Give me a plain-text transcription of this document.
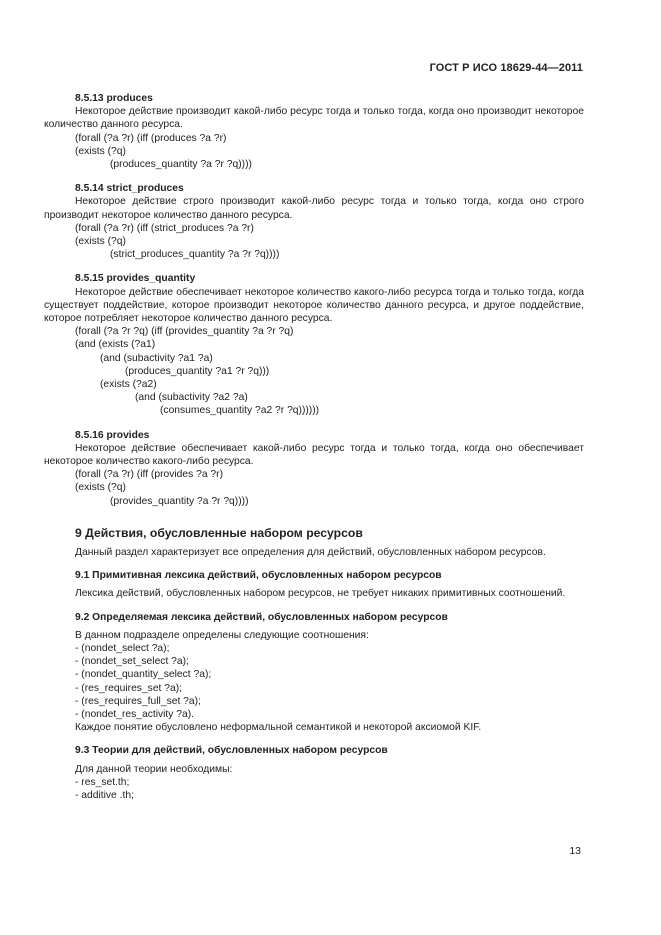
ГОСТ Р ИСО 18629-44—2011
8.5.13 produces
Некоторое действие производит какой-либо ресурс тогда и только тогда, когда оно производит некоторое количество данного ресурса.
(forall (?a ?r) (iff (produces ?a ?r)
(exists (?q)
(produces_quantity ?a ?r ?q))))
8.5.14 strict_produces
Некоторое действие строго производит какой-либо ресурс тогда и только тогда, когда оно строго производит некоторое количество данного ресурса.
(forall (?a ?r) (iff (strict_produces ?a ?r)
(exists (?q)
(strict_produces_quantity ?a ?r ?q))))
8.5.15 provides_quantity
Некоторое действие обеспечивает некоторое количество какого-либо ресурса тогда и только тогда, когда существует поддействие, которое производит некоторое количество данного ресурса, и другое поддействие, которое потребляет некоторое количество данного ресурса.
(forall (?a ?r ?q) (iff (provides_quantity ?a ?r ?q)
(and (exists (?a1)
(and (subactivity ?a1 ?a)
(produces_quantity ?a1 ?r ?q)))
(exists (?a2)
(and (subactivity ?a2 ?a)
(consumes_quantity ?a2 ?r ?q))))))
8.5.16 provides
Некоторое действие обеспечивает какой-либо ресурс тогда и только тогда, когда оно обеспечивает некоторое количество какого-либо ресурса.
(forall (?a ?r) (iff (provides ?a ?r)
(exists (?q)
(provides_quantity ?a ?r ?q))))
9 Действия, обусловленные набором ресурсов
Данный раздел характеризует все определения для действий, обусловленных набором ресурсов.
9.1 Примитивная лексика действий, обусловленных набором ресурсов
Лексика действий, обусловленных набором ресурсов, не требует никаких примитивных соотношений.
9.2 Определяемая лексика действий, обусловленных набором ресурсов
В данном подразделе определены следующие соотношения:
- (nondet_select ?a);
- (nondet_set_select ?a);
- (nondet_quantity_select ?a);
- (res_requires_set ?a);
- (res_requires_full_set ?a);
- (nondet_res_activity ?a).
Каждое понятие обусловлено неформальной семантикой и некоторой аксиомой KIF.
9.3 Теории для действий, обусловленных набором ресурсов
Для данной теории необходимы:
- res_set.th;
- additive .th;
13
